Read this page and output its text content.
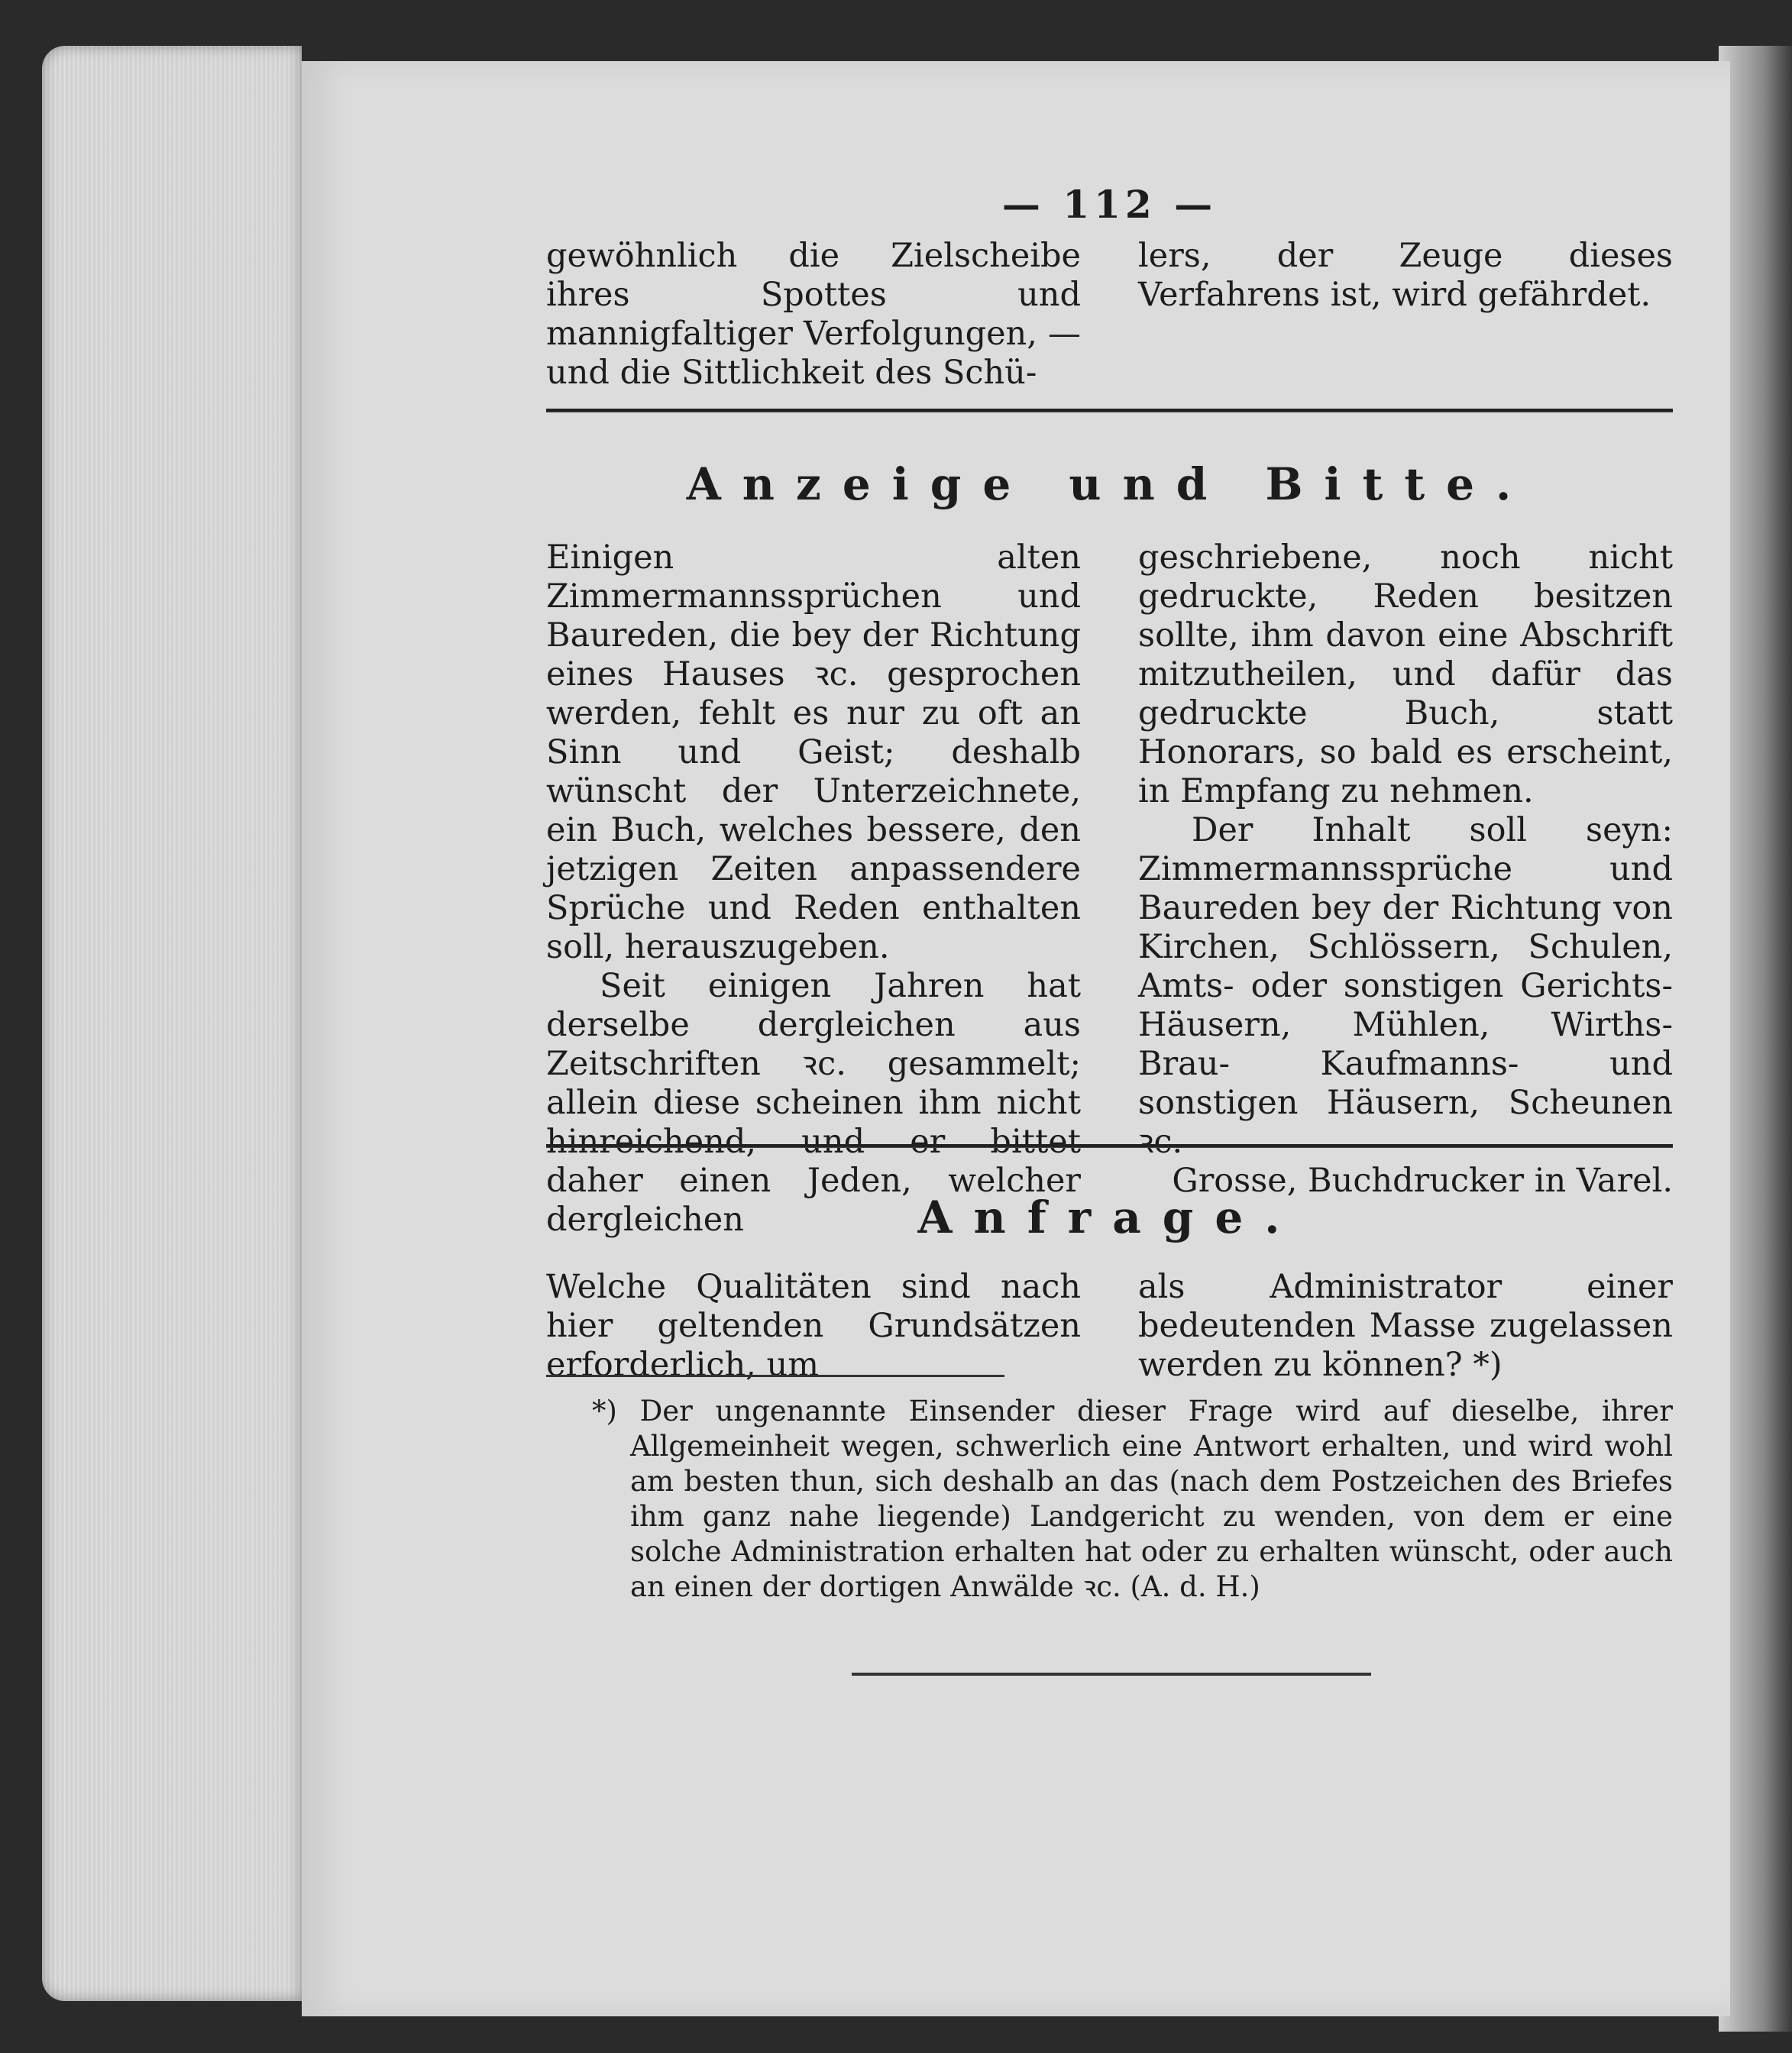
— 112 —

gewöhnlich die Zielscheibe ihres Spottes und mannigfaltiger Verfolgungen, — und die Sittlichkeit des Schü-

lers, der Zeuge dieses Verfahrens ist, wird gefährdet.

Anzeige und Bitte.

Einigen alten Zimmermannssprüchen und Baureden, die bey der Richtung eines Hauses ꝛc. gesprochen werden, fehlt es nur zu oft an Sinn und Geist; deshalb wünscht der Unterzeichnete, ein Buch, welches bessere, den jetzigen Zeiten anpassendere Sprüche und Reden enthalten soll, herauszugeben.

Seit einigen Jahren hat derselbe dergleichen aus Zeitschriften ꝛc. gesammelt; allein diese scheinen ihm nicht hinreichend, und er bittet daher einen Jeden, welcher dergleichen

geschriebene, noch nicht gedruckte, Reden besitzen sollte, ihm davon eine Abschrift mitzutheilen, und dafür das gedruckte Buch, statt Honorars, so bald es erscheint, in Empfang zu nehmen.

Der Inhalt soll seyn: Zimmermannssprüche und Baureden bey der Richtung von Kirchen, Schlössern, Schulen, Amts- oder sonstigen Gerichts-Häusern, Mühlen, Wirths- Brau- Kaufmanns- und sonstigen Häusern, Scheunen ꝛc.

Grosse, Buchdrucker in Varel.

Anfrage.

Welche Qualitäten sind nach hier geltenden Grundsätzen erforderlich, um

als Administrator einer bedeutenden Masse zugelassen werden zu können? *)

*) Der ungenannte Einsender dieser Frage wird auf dieselbe, ihrer Allgemeinheit wegen, schwerlich eine Antwort erhalten, und wird wohl am besten thun, sich deshalb an das (nach dem Postzeichen des Briefes ihm ganz nahe liegende) Landgericht zu wenden, von dem er eine solche Administration erhalten hat oder zu erhalten wünscht, oder auch an einen der dortigen Anwälde ꝛc. (A. d. H.)
